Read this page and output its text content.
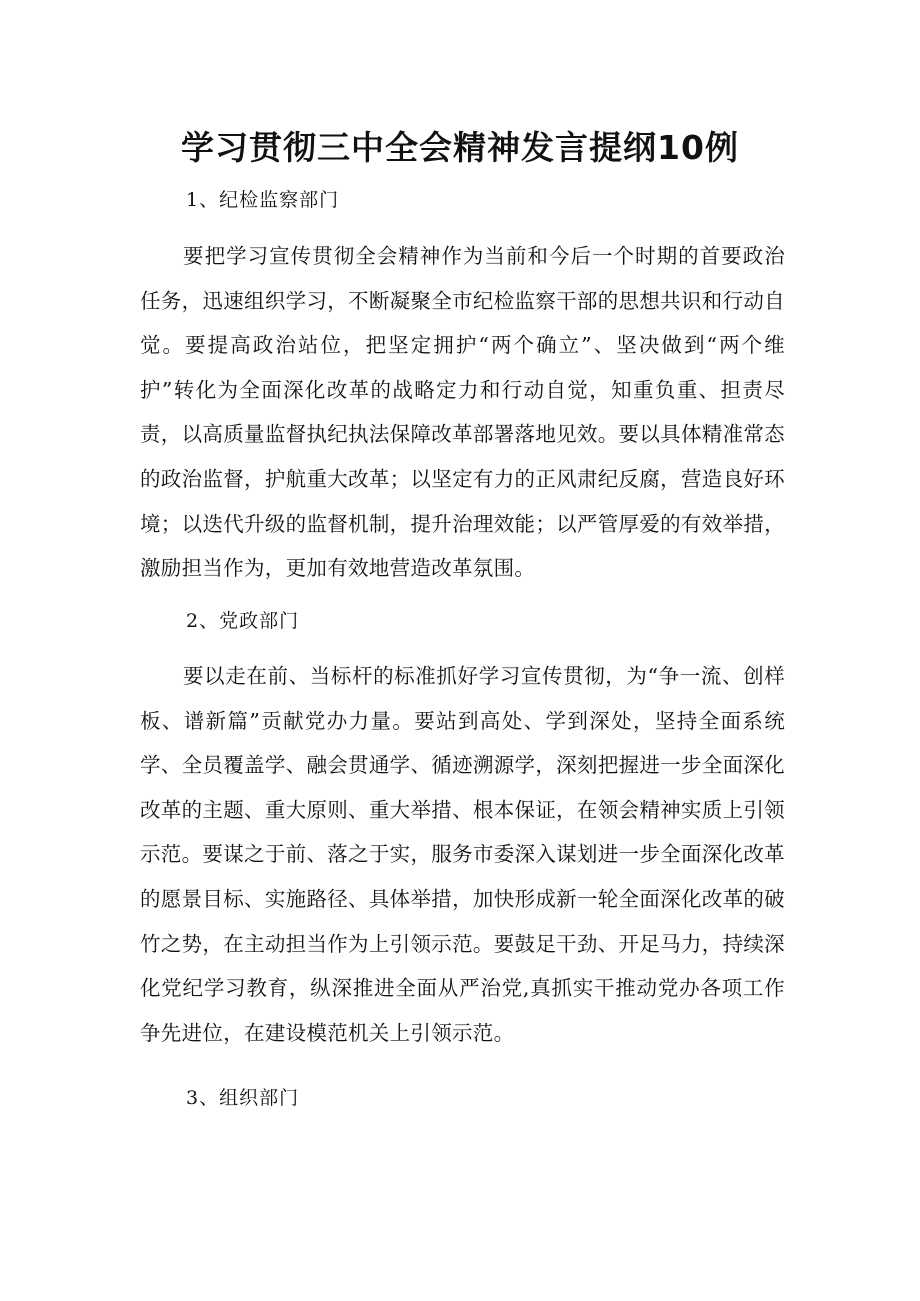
学习贯彻三中全会精神发言提纲10例
1、纪检监察部门

要把学习宣传贯彻全会精神作为当前和今后一个时期的首要政治任务，迅速组织学习，不断凝聚全市纪检监察干部的思想共识和行动自觉。要提高政治站位，把坚定拥护“两个确立”、坚决做到“两个维护”转化为全面深化改革的战略定力和行动自觉，知重负重、担责尽责，以高质量监督执纪执法保障改革部署落地见效。要以具体精准常态的政治监督，护航重大改革；以坚定有力的正风肃纪反腐，营造良好环境；以迭代升级的监督机制，提升治理效能；以严管厚爱的有效举措，激励担当作为，更加有效地营造改革氛围。

2、党政部门

要以走在前、当标杆的标准抓好学习宣传贯彻，为“争一流、创样板、谱新篇”贡献党办力量。要站到高处、学到深处，坚持全面系统学、全员覆盖学、融会贯通学、循迹溯源学，深刻把握进一步全面深化改革的主题、重大原则、重大举措、根本保证，在领会精神实质上引领示范。要谋之于前、落之于实，服务市委深入谋划进一步全面深化改革的愿景目标、实施路径、具体举措，加快形成新一轮全面深化改革的破竹之势，在主动担当作为上引领示范。要鼓足干劲、开足马力，持续深化党纪学习教育，纵深推进全面从严治党,真抓实干推动党办各项工作争先进位，在建设模范机关上引领示范。

3、组织部门
